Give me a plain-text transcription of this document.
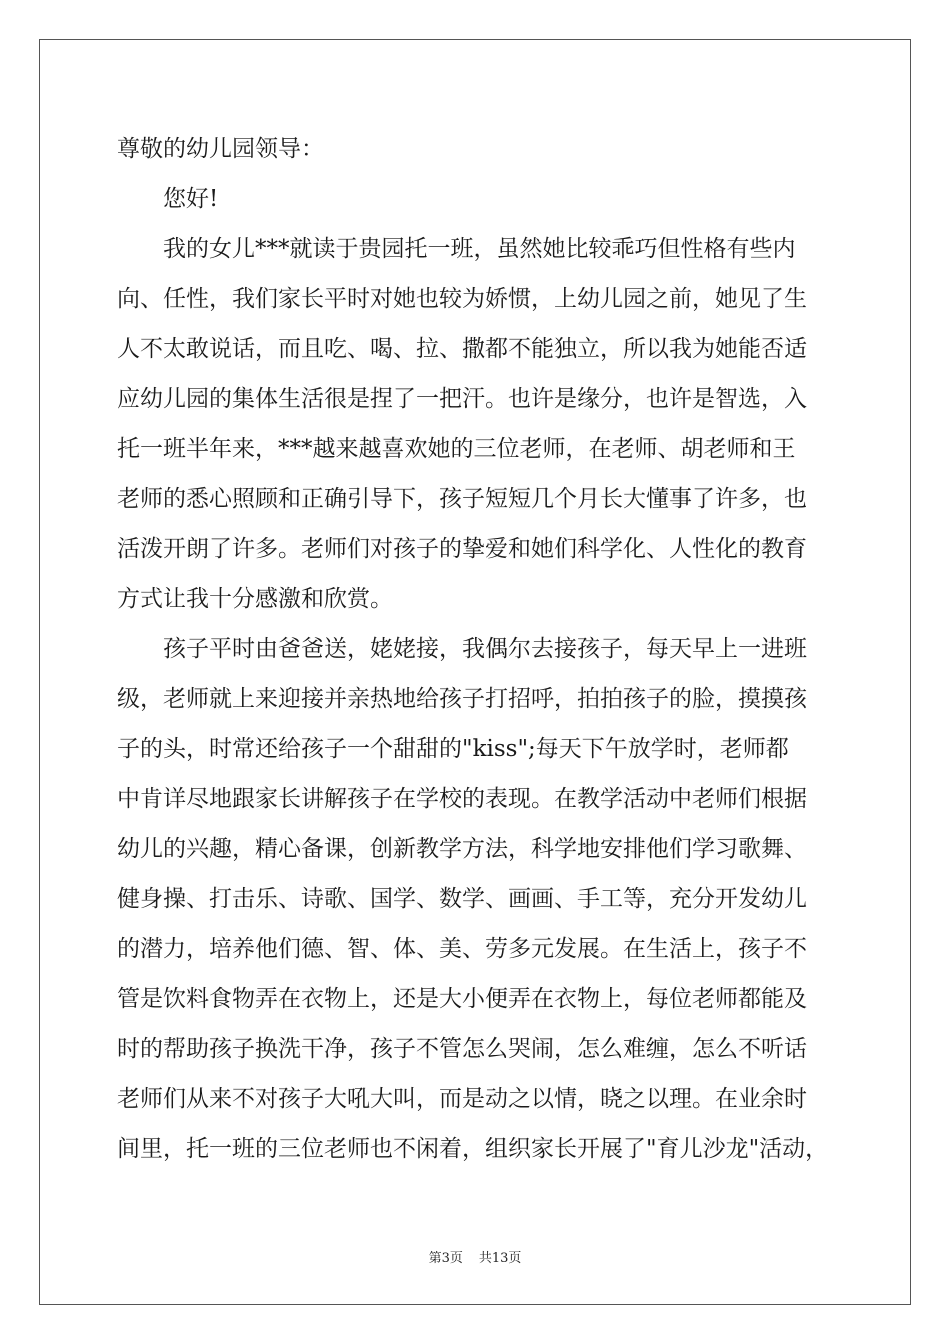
尊敬的幼儿园领导：
您好!
我的女儿***就读于贵园托一班，虽然她比较乖巧但性格有些内
向、任性，我们家长平时对她也较为娇惯，上幼儿园之前，她见了生
人不太敢说话，而且吃、喝、拉、撒都不能独立，所以我为她能否适
应幼儿园的集体生活很是捏了一把汗。也许是缘分，也许是智选，入
托一班半年来，***越来越喜欢她的三位老师，在老师、胡老师和王
老师的悉心照顾和正确引导下，孩子短短几个月长大懂事了许多，也
活泼开朗了许多。老师们对孩子的挚爱和她们科学化、人性化的教育
方式让我十分感激和欣赏。
孩子平时由爸爸送，姥姥接，我偶尔去接孩子，每天早上一进班
级，老师就上来迎接并亲热地给孩子打招呼，拍拍孩子的脸，摸摸孩
子的头，时常还给孩子一个甜甜的"kiss";每天下午放学时，老师都
中肯详尽地跟家长讲解孩子在学校的表现。在教学活动中老师们根据
幼儿的兴趣，精心备课，创新教学方法，科学地安排他们学习歌舞、
健身操、打击乐、诗歌、国学、数学、画画、手工等，充分开发幼儿
的潜力，培养他们德、智、体、美、劳多元发展。在生活上，孩子不
管是饮料食物弄在衣物上，还是大小便弄在衣物上，每位老师都能及
时的帮助孩子换洗干净，孩子不管怎么哭闹，怎么难缠，怎么不听话
老师们从来不对孩子大吼大叫，而是动之以情，晓之以理。在业余时
间里，托一班的三位老师也不闲着，组织家长开展了"育儿沙龙"活动，
第3页 共13页
